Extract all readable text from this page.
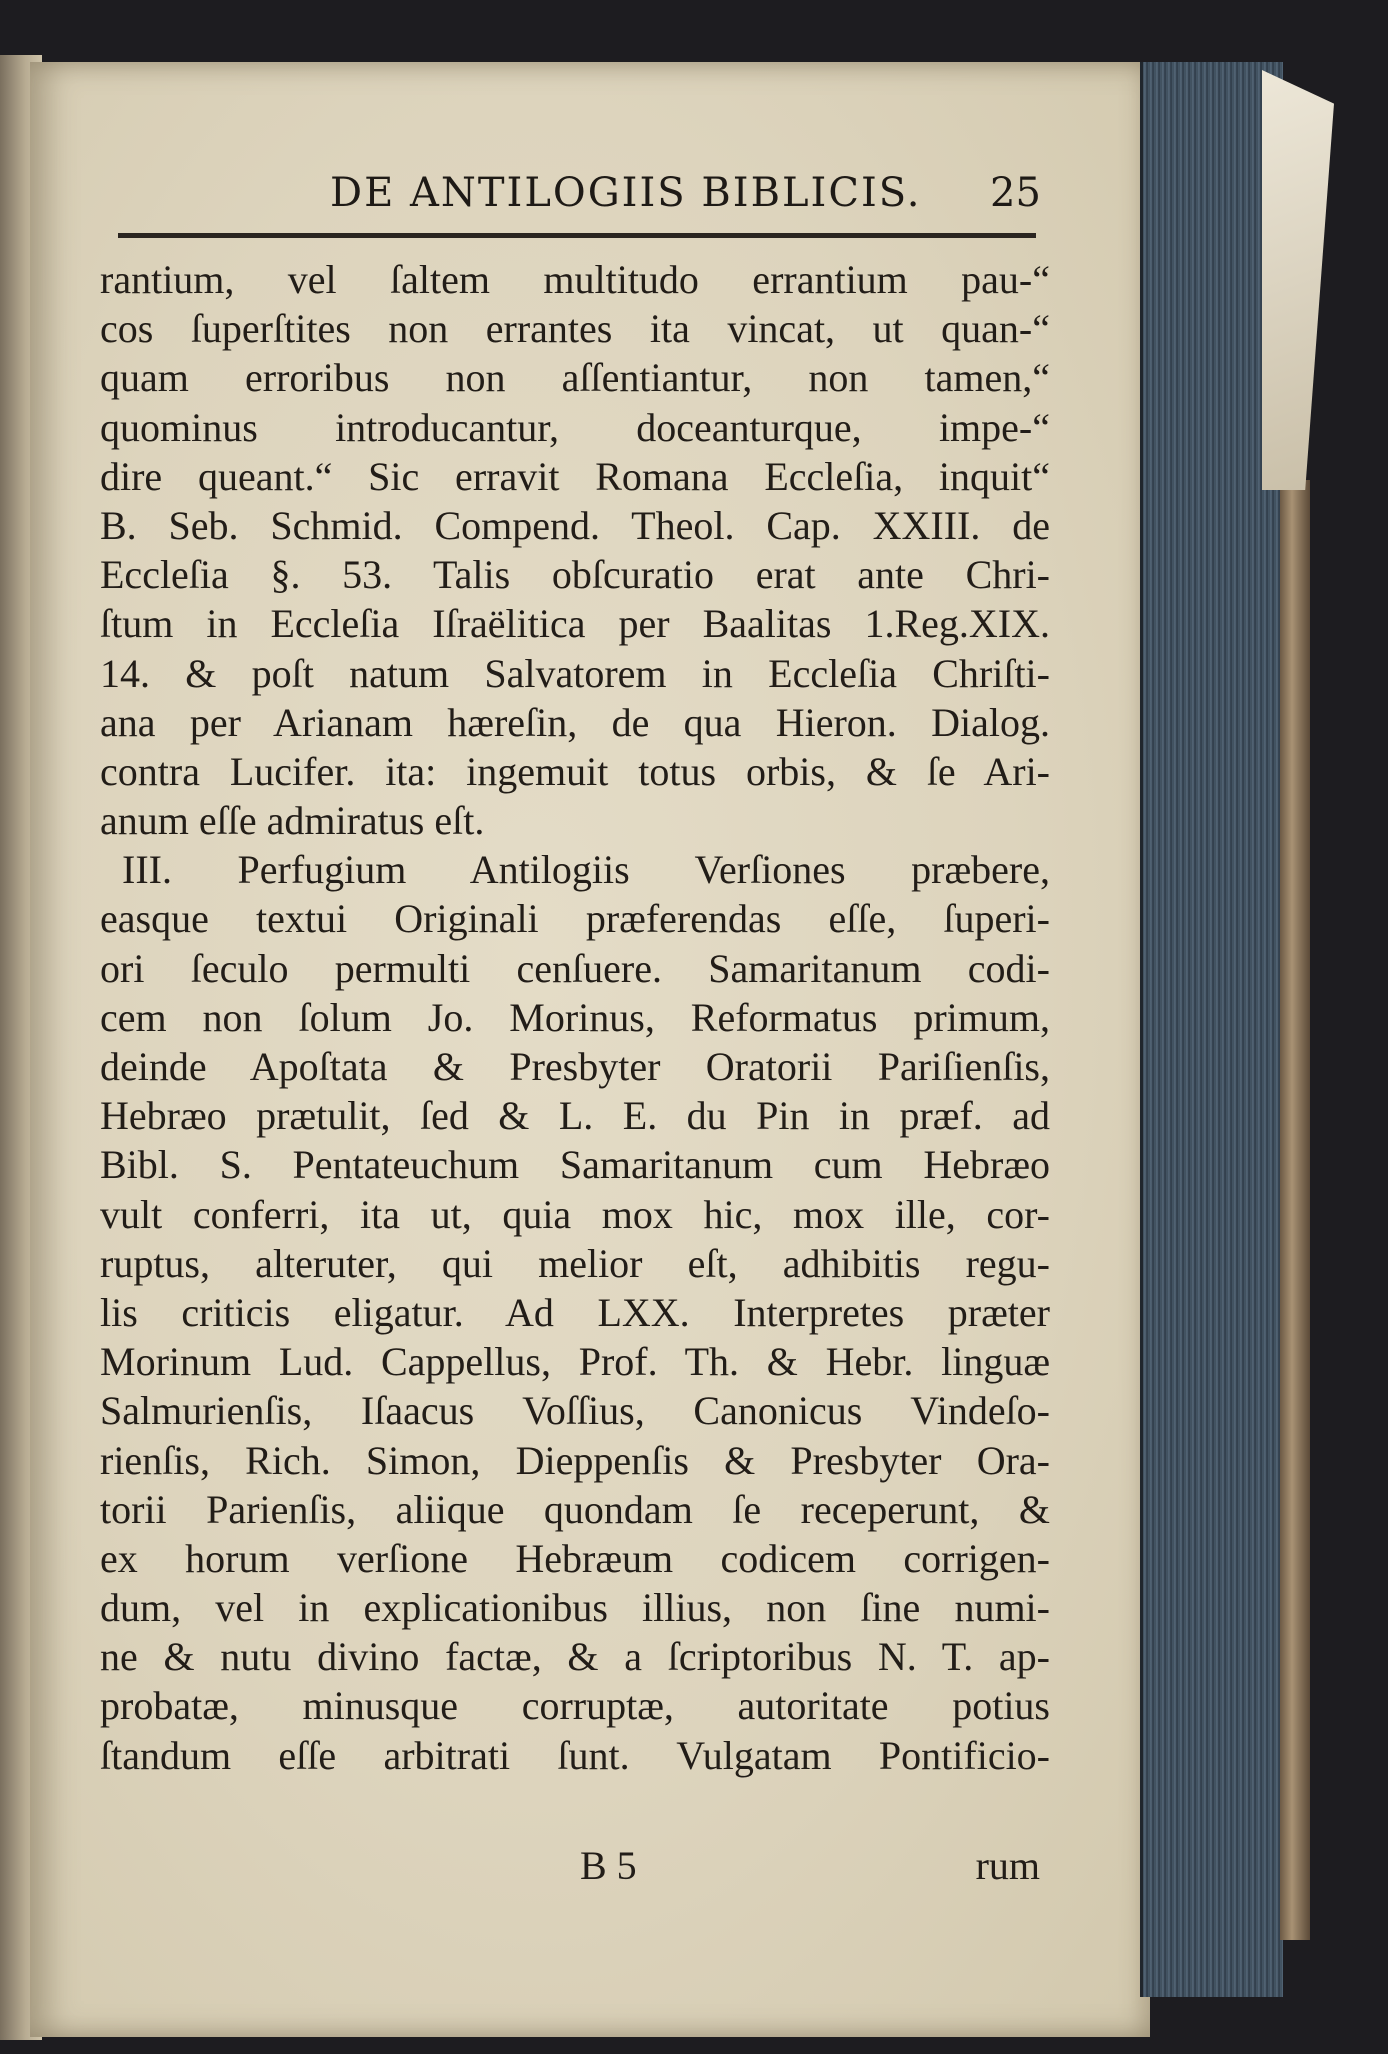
DE ANTILOGIIS BIBLICIS. 25
rantium, vel ſaltem multitudo errantium pau-“
cos ſuperſtites non errantes ita vincat, ut quan-“
quam erroribus non aſſentiantur, non tamen,“
quominus introducantur, doceanturque, impe-“
dire queant.“ Sic erravit Romana Eccleſia, inquit“
B. Seb. Schmid. Compend. Theol. Cap. XXIII. de
Eccleſia §. 53. Talis obſcuratio erat ante Chri-
ſtum in Eccleſia Iſraëlitica per Baalitas 1.Reg.XIX.
14. & poſt natum Salvatorem in Eccleſia Chriſti-
ana per Arianam hæreſin, de qua Hieron. Dialog.
contra Lucifer. ita: ingemuit totus orbis, & ſe Ari-
anum eſſe admiratus eſt.
III. Perfugium Antilogiis Verſiones præbere,
easque textui Originali præferendas eſſe, ſuperi-
ori ſeculo permulti cenſuere. Samaritanum codi-
cem non ſolum Jo. Morinus, Reformatus primum,
deinde Apoſtata & Presbyter Oratorii Pariſienſis,
Hebræo prætulit, ſed & L. E. du Pin in præf. ad
Bibl. S. Pentateuchum Samaritanum cum Hebræo
vult conferri, ita ut, quia mox hic, mox ille, cor-
ruptus, alteruter, qui melior eſt, adhibitis regu-
lis criticis eligatur. Ad LXX. Interpretes præter
Morinum Lud. Cappellus, Prof. Th. & Hebr. linguæ
Salmurienſis, Iſaacus Voſſius, Canonicus Vindeſo-
rienſis, Rich. Simon, Dieppenſis & Presbyter Ora-
torii Parienſis, aliique quondam ſe receperunt, &
ex horum verſione Hebræum codicem corrigen-
dum, vel in explicationibus illius, non ſine numi-
ne & nutu divino factæ, & a ſcriptoribus N. T. ap-
probatæ, minusque corruptæ, autoritate potius
ſtandum eſſe arbitrati ſunt. Vulgatam Pontificio-
B 5	rum
